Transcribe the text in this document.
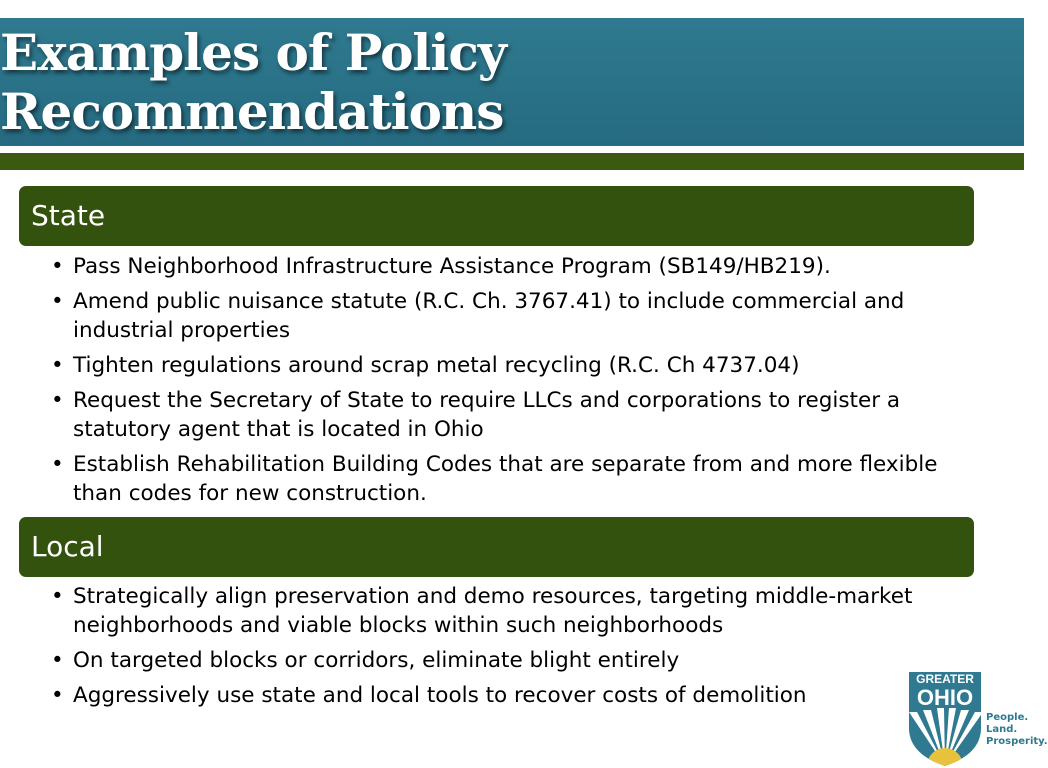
Examples of Policy Recommendations
State
• Pass Neighborhood Infrastructure Assistance Program (SB149/HB219).
• Amend public nuisance statute (R.C. Ch. 3767.41) to include commercial and industrial properties
• Tighten regulations around scrap metal recycling (R.C. Ch 4737.04)
• Request the Secretary of State to require LLCs and corporations to register a statutory agent that is located in Ohio
• Establish Rehabilitation Building Codes that are separate from and more flexible than codes for new construction.
Local
• Strategically align preservation and demo resources, targeting middle-market neighborhoods and viable blocks within such neighborhoods
• On targeted blocks or corridors, eliminate blight entirely
• Aggressively use state and local tools to recover costs of demolition
GREATER
OHIO
People.
Land.
Prosperity.
